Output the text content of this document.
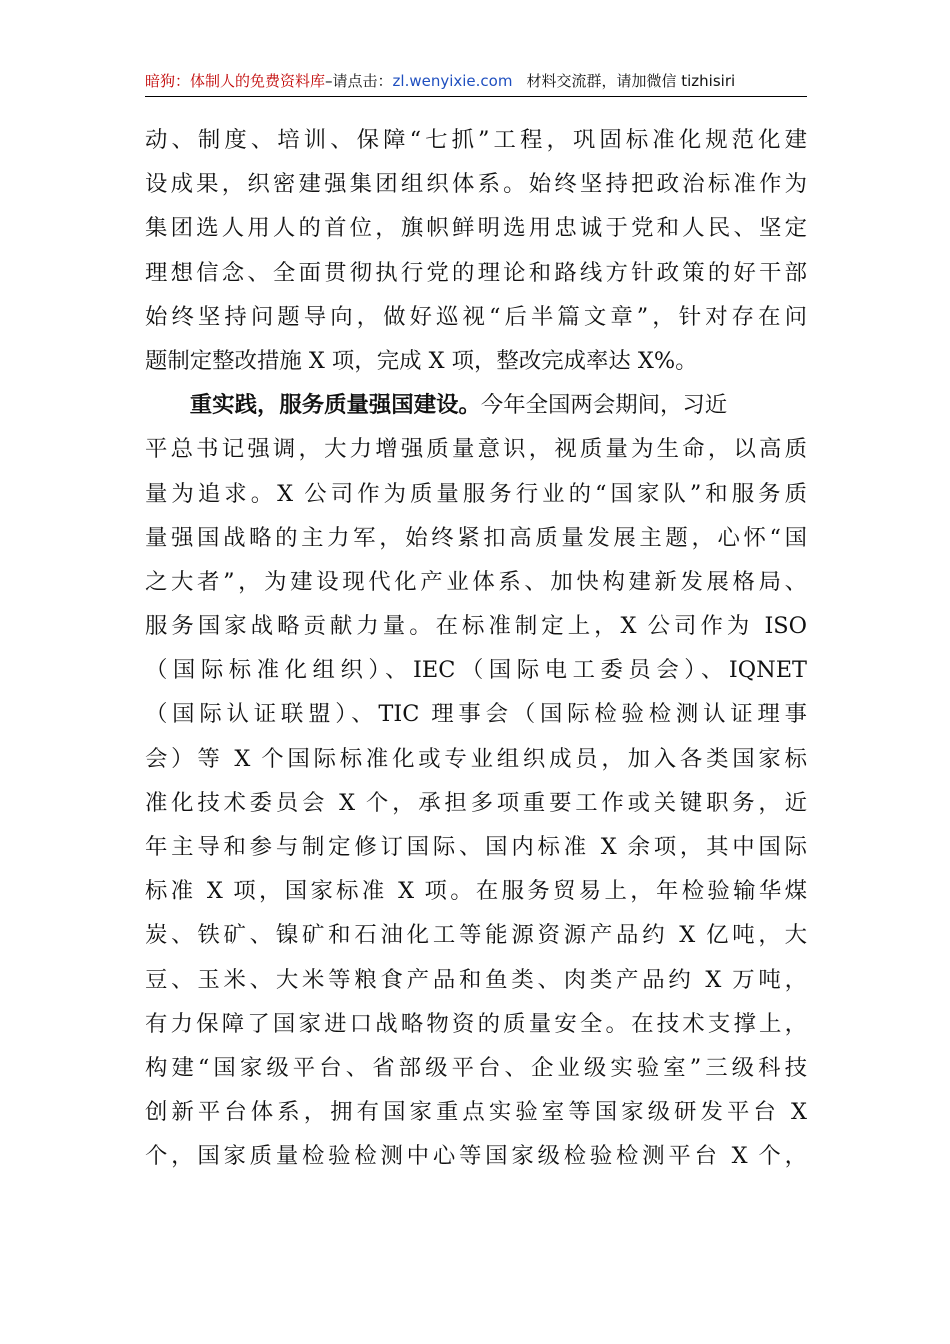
暗狗：体制人的免费资料库–请点击：zl.wenyixie.com 材料交流群，请加微信 tizhisiri
动、制度、培训、保障“七抓”工程，巩固标准化规范化建
设成果，织密建强集团组织体系。始终坚持把政治标准作为
集团选人用人的首位，旗帜鲜明选用忠诚于党和人民、坚定
理想信念、全面贯彻执行党的理论和路线方针政策的好干部
始终坚持问题导向，做好巡视“后半篇文章”，针对存在问
题制定整改措施 X 项，完成 X 项，整改完成率达 X%。
重实践，服务质量强国建设。今年全国两会期间，习近
平总书记强调，大力增强质量意识，视质量为生命，以高质
量为追求。X 公司作为质量服务行业的“国家队”和服务质
量强国战略的主力军，始终紧扣高质量发展主题，心怀“国
之大者”，为建设现代化产业体系、加快构建新发展格局、
服务国家战略贡献力量。在标准制定上，X 公司作为 ISO
（国际标准化组织）、IEC（国际电工委员会）、IQNET
（国际认证联盟）、TIC 理事会（国际检验检测认证理事
会）等 X 个国际标准化或专业组织成员，加入各类国家标
准化技术委员会 X 个，承担多项重要工作或关键职务，近
年主导和参与制定修订国际、国内标准 X 余项，其中国际
标准 X 项，国家标准 X 项。在服务贸易上，年检验输华煤
炭、铁矿、镍矿和石油化工等能源资源产品约 X 亿吨，大
豆、玉米、大米等粮食产品和鱼类、肉类产品约 X 万吨，
有力保障了国家进口战略物资的质量安全。在技术支撑上，
构建“国家级平台、省部级平台、企业级实验室”三级科技
创新平台体系，拥有国家重点实验室等国家级研发平台 X
个，国家质量检验检测中心等国家级检验检测平台 X 个，
